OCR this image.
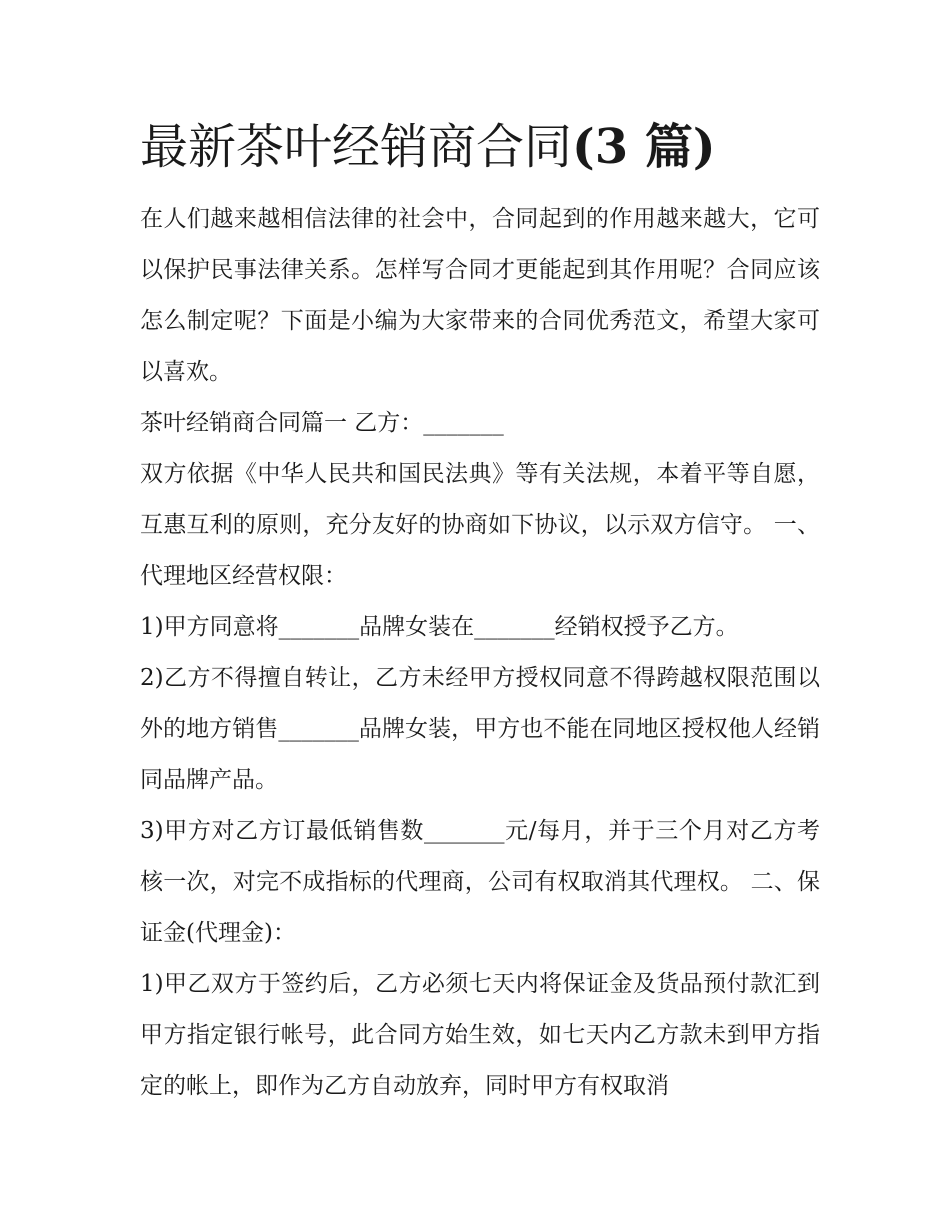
最新茶叶经销商合同(3 篇)

在人们越来越相信法律的社会中，合同起到的作用越来越大，它可以保护民事法律关系。怎样写合同才更能起到其作用呢？合同应该怎么制定呢？下面是小编为大家带来的合同优秀范文，希望大家可以喜欢。

茶叶经销商合同篇一 乙方：_______

双方依据《中华人民共和国民法典》等有关法规，本着平等自愿，互惠互利的原则，充分友好的协商如下协议，以示双方信守。 一、代理地区经营权限：

1)甲方同意将_______品牌女装在_______经销权授予乙方。

2)乙方不得擅自转让，乙方未经甲方授权同意不得跨越权限范围以外的地方销售_______品牌女装，甲方也不能在同地区授权他人经销同品牌产品。

3)甲方对乙方订最低销售数_______元/每月，并于三个月对乙方考核一次，对完不成指标的代理商，公司有权取消其代理权。 二、保证金(代理金)：

1)甲乙双方于签约后，乙方必须七天内将保证金及货品预付款汇到甲方指定银行帐号，此合同方始生效，如七天内乙方款未到甲方指定的帐上，即作为乙方自动放弃，同时甲方有权取消
